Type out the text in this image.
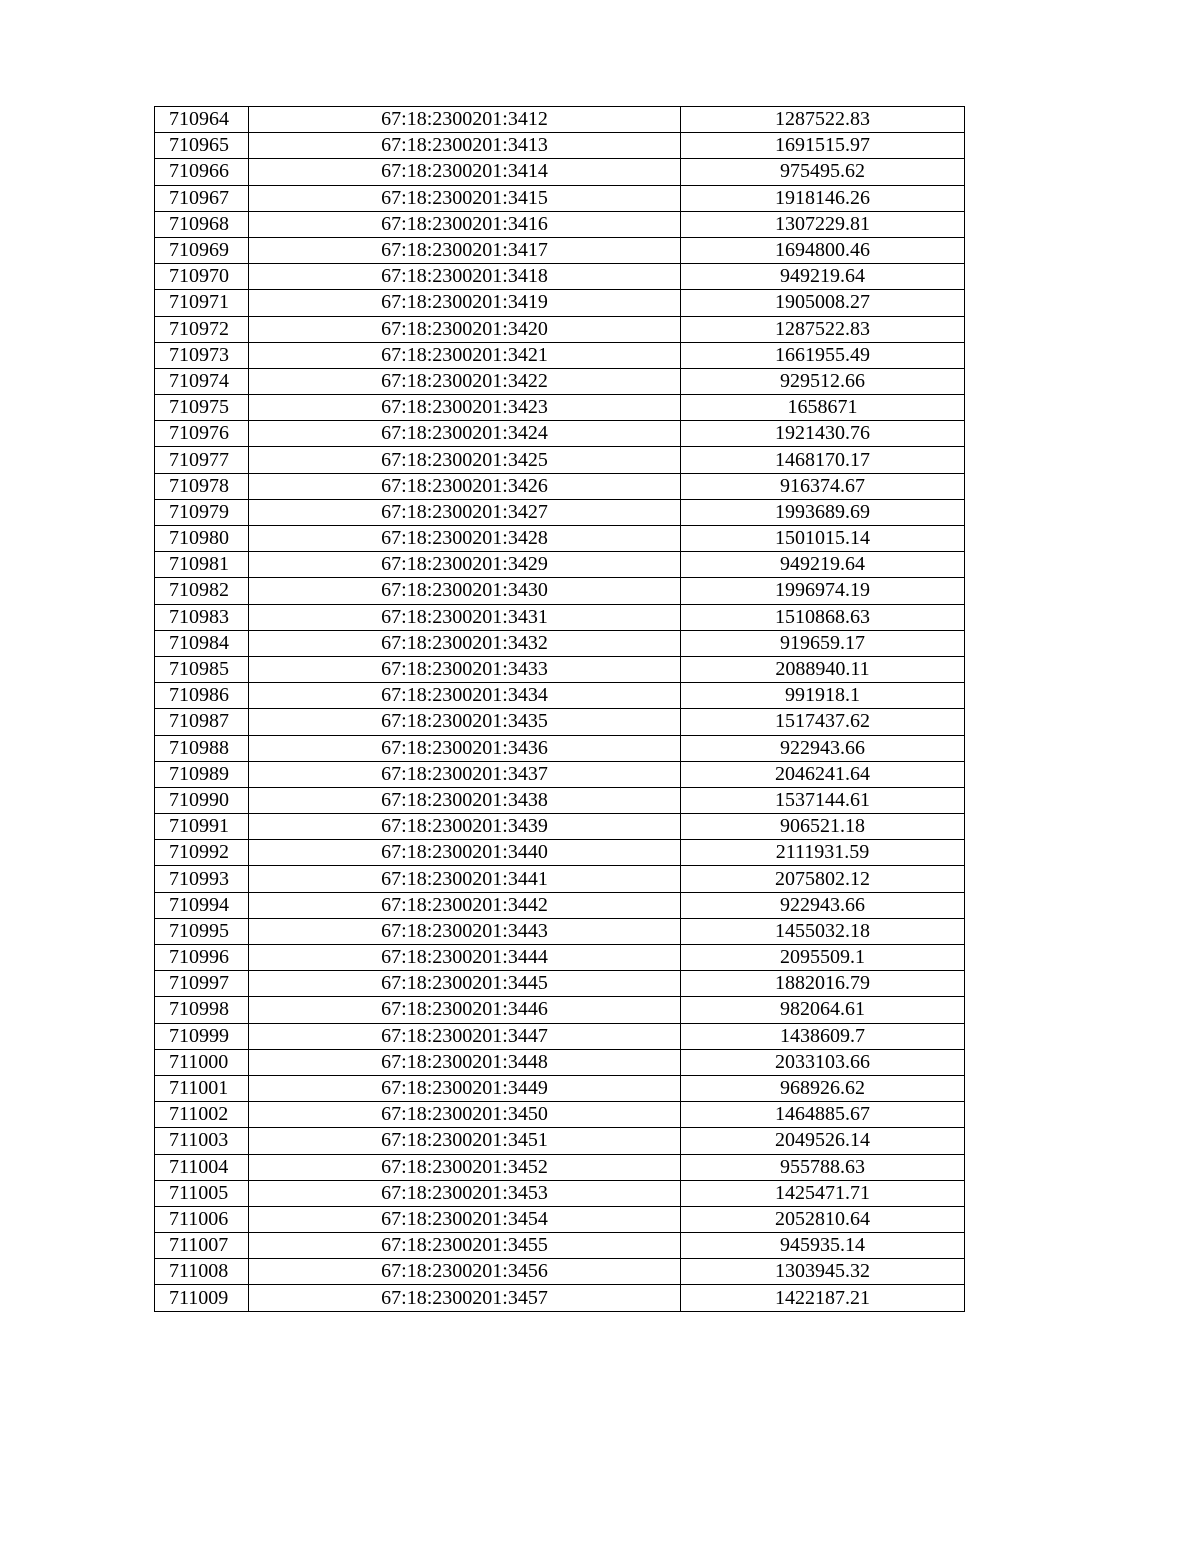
710964	67:18:2300201:3412	1287522.83
710965	67:18:2300201:3413	1691515.97
710966	67:18:2300201:3414	975495.62
710967	67:18:2300201:3415	1918146.26
710968	67:18:2300201:3416	1307229.81
710969	67:18:2300201:3417	1694800.46
710970	67:18:2300201:3418	949219.64
710971	67:18:2300201:3419	1905008.27
710972	67:18:2300201:3420	1287522.83
710973	67:18:2300201:3421	1661955.49
710974	67:18:2300201:3422	929512.66
710975	67:18:2300201:3423	1658671
710976	67:18:2300201:3424	1921430.76
710977	67:18:2300201:3425	1468170.17
710978	67:18:2300201:3426	916374.67
710979	67:18:2300201:3427	1993689.69
710980	67:18:2300201:3428	1501015.14
710981	67:18:2300201:3429	949219.64
710982	67:18:2300201:3430	1996974.19
710983	67:18:2300201:3431	1510868.63
710984	67:18:2300201:3432	919659.17
710985	67:18:2300201:3433	2088940.11
710986	67:18:2300201:3434	991918.1
710987	67:18:2300201:3435	1517437.62
710988	67:18:2300201:3436	922943.66
710989	67:18:2300201:3437	2046241.64
710990	67:18:2300201:3438	1537144.61
710991	67:18:2300201:3439	906521.18
710992	67:18:2300201:3440	2111931.59
710993	67:18:2300201:3441	2075802.12
710994	67:18:2300201:3442	922943.66
710995	67:18:2300201:3443	1455032.18
710996	67:18:2300201:3444	2095509.1
710997	67:18:2300201:3445	1882016.79
710998	67:18:2300201:3446	982064.61
710999	67:18:2300201:3447	1438609.7
711000	67:18:2300201:3448	2033103.66
711001	67:18:2300201:3449	968926.62
711002	67:18:2300201:3450	1464885.67
711003	67:18:2300201:3451	2049526.14
711004	67:18:2300201:3452	955788.63
711005	67:18:2300201:3453	1425471.71
711006	67:18:2300201:3454	2052810.64
711007	67:18:2300201:3455	945935.14
711008	67:18:2300201:3456	1303945.32
711009	67:18:2300201:3457	1422187.21
